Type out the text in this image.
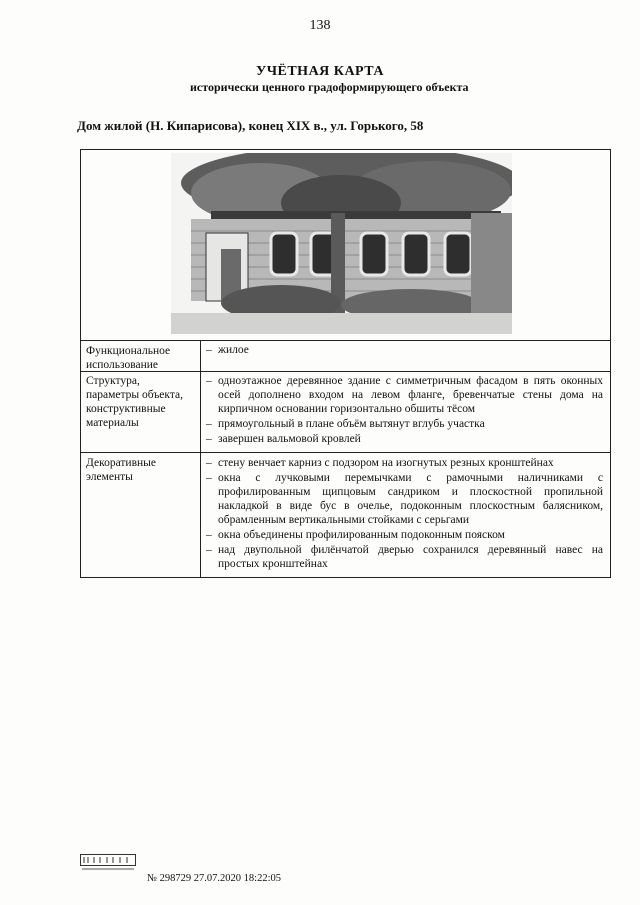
138
УЧЁТНАЯ КАРТА
исторически ценного градоформирующего объекта
Дом жилой (Н. Кипарисова), конец XIX в., ул. Горького, 58
Функциональное использование
– жилое
Структура, параметры объекта, конструктивные материалы
– одноэтажное деревянное здание с симметричным фасадом в пять оконных осей дополнено входом на левом фланге, бревенчатые стены дома на кирпичном основании горизонтально обшиты тёсом
– прямоугольный в плане объём вытянут вглубь участка
– завершен вальмовой кровлей
Декоративные элементы
– стену венчает карниз с подзором на изогнутых резных кронштейнах
– окна с лучковыми перемычками с рамочными наличниками с профилированным щипцовым сандриком и плоскостной пропильной накладкой в виде бус в очелье, подоконным плоскостным балясником, обрамленным вертикальными стойками с серьгами
– окна объединены профилированным подоконным пояском
– над двупольной филёнчатой дверью сохранился деревянный навес на простых кронштейнах
№ 298729 27.07.2020 18:22:05
